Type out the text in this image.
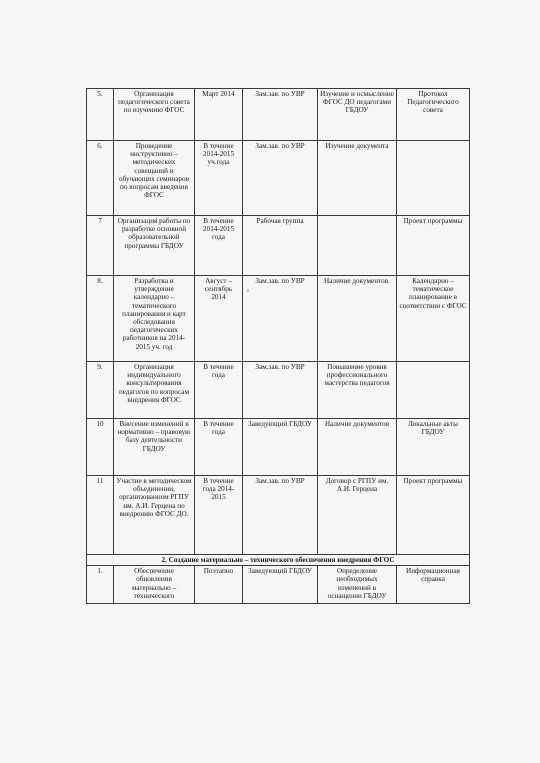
5.	Организация педагогического совета по изучению ФГОС	Март 2014	Зам.зав. по УВР	Изучение и осмысление ФГОС ДО педагогами ГБДОУ	Протокол Педагогического совета
6.	Проведение инструктивно – методических совещаний и обучающих семинаров по вопросам введения ФГОС	В течение 2014-2015 уч.года	Зам.зав. по УВР	Изучение документа	
7	Организация работы по разработке основной образовательной программы ГБДОУ	В течение 2014-2015 года	Рабочая группа		Проект программы
8.	Разработка и утверждение календарно – тематического планирования и карт обследования педагогических работников на 2014-2015 уч. год	Август – сентябрь 2014	Зам.зав. по УВР	Наличие документов.	Календарно – тематическое планирование в соответствии с ФГОС
9.	Организация индивидуального консультирования педагогов по вопросам внедрения ФГОС	В течение года	Зам.зав. по УВР	Повышение уровня профессионального мастерства педагогов	
10	Внесение изменений в нормативно – правовую базу деятельности ГБДОУ	В течение года	Заведующий ГБДОУ	Наличие документов	Локальные акты ГБДОУ
11	Участие в методическом объединении, организованном РГПУ им. А.И. Герцена по внедрению ФГОС ДО.	В течение года 2014-2015	Зам.зав. по УВР	Договор с РГПУ им. А.И. Герцена	Проект программы
2. Создание материально – технического обеспечения внедрения ФГОС					
1.	Обеспечение обновления материально – технического	Поэтапно	Заведующий ГБДОУ	Определение необходимых изменений в оснащении ГБДОУ	Информационная справка
